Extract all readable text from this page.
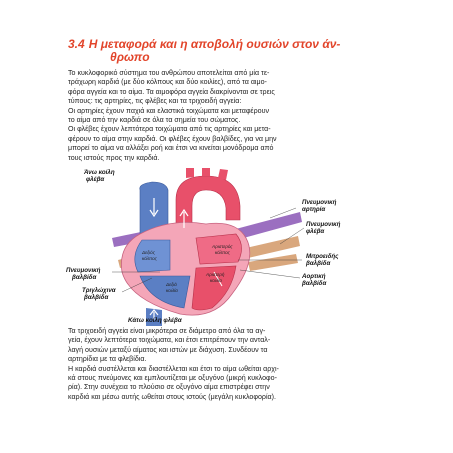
3.4 Η μεταφορά και η αποβολή ουσιών στον άν-
θρωπο
Το κυκλοφορικό σύστημα του ανθρώπου αποτελείται από μία τε-
τράχωρη καρδιά (με δύο κόλπους και δύο κοιλίες), από τα αιμο-
φόρα αγγεία και το αίμα. Τα αιμοφόρα αγγεία διακρίνονται σε τρεις
τύπους: τις αρτηρίες, τις φλέβες και τα τριχοειδή αγγεία:
Οι αρτηρίες έχουν παχιά και ελαστικά τοιχώματα και μεταφέρουν
το αίμα από την καρδιά σε όλα τα σημεία του σώματος.
Οι φλέβες έχουν λεπτότερα τοιχώματα από τις αρτηρίες και μετα-
φέρουν το αίμα στην καρδιά. Οι φλέβες έχουν βαλβίδες, για να μην
μπορεί το αίμα να αλλάξει ροή και έτσι να κινείται μονόδρομα από
τους ιστούς προς την καρδιά.
Αορτή
Αριστερός
κόλπος
Δεξιός
κόλπος
Δεξιά
κοιλία
Αριστερή
κοιλία
Άνω κοίλη
φλέβα
Πνευμονική
αρτηρία
Πνευμονική
φλέβα
Μιτροειδής
βαλβίδα
Αορτική
βαλβίδα
Πνευμονική
βαλβίδα
Τριγλώχινα
βαλβίδα
Κάτω κοίλη φλέβα
Τα τριχοειδή αγγεία είναι μικρότερα σε διάμετρο από όλα τα αγ-
γεία, έχουν λεπτότερα τοιχώματα, και έτσι επιτρέπουν την ανταλ-
λαγή ουσιών μεταξύ αίματος και ιστών με διάχυση. Συνδέουν τα
αρτηρίδια με τα φλεβίδια.
Η καρδιά συστέλλεται και διαστέλλεται και έτσι το αίμα ωθείται αρχι-
κά στους πνεύμονες και εμπλουτίζεται με οξυγόνο (μικρή κυκλοφο-
ρία). Στην συνέχεια το πλούσιο σε οξυγόνο αίμα επιστρέφει στην
καρδιά και μέσω αυτής ωθείται στους ιστούς (μεγάλη κυκλοφορία).
